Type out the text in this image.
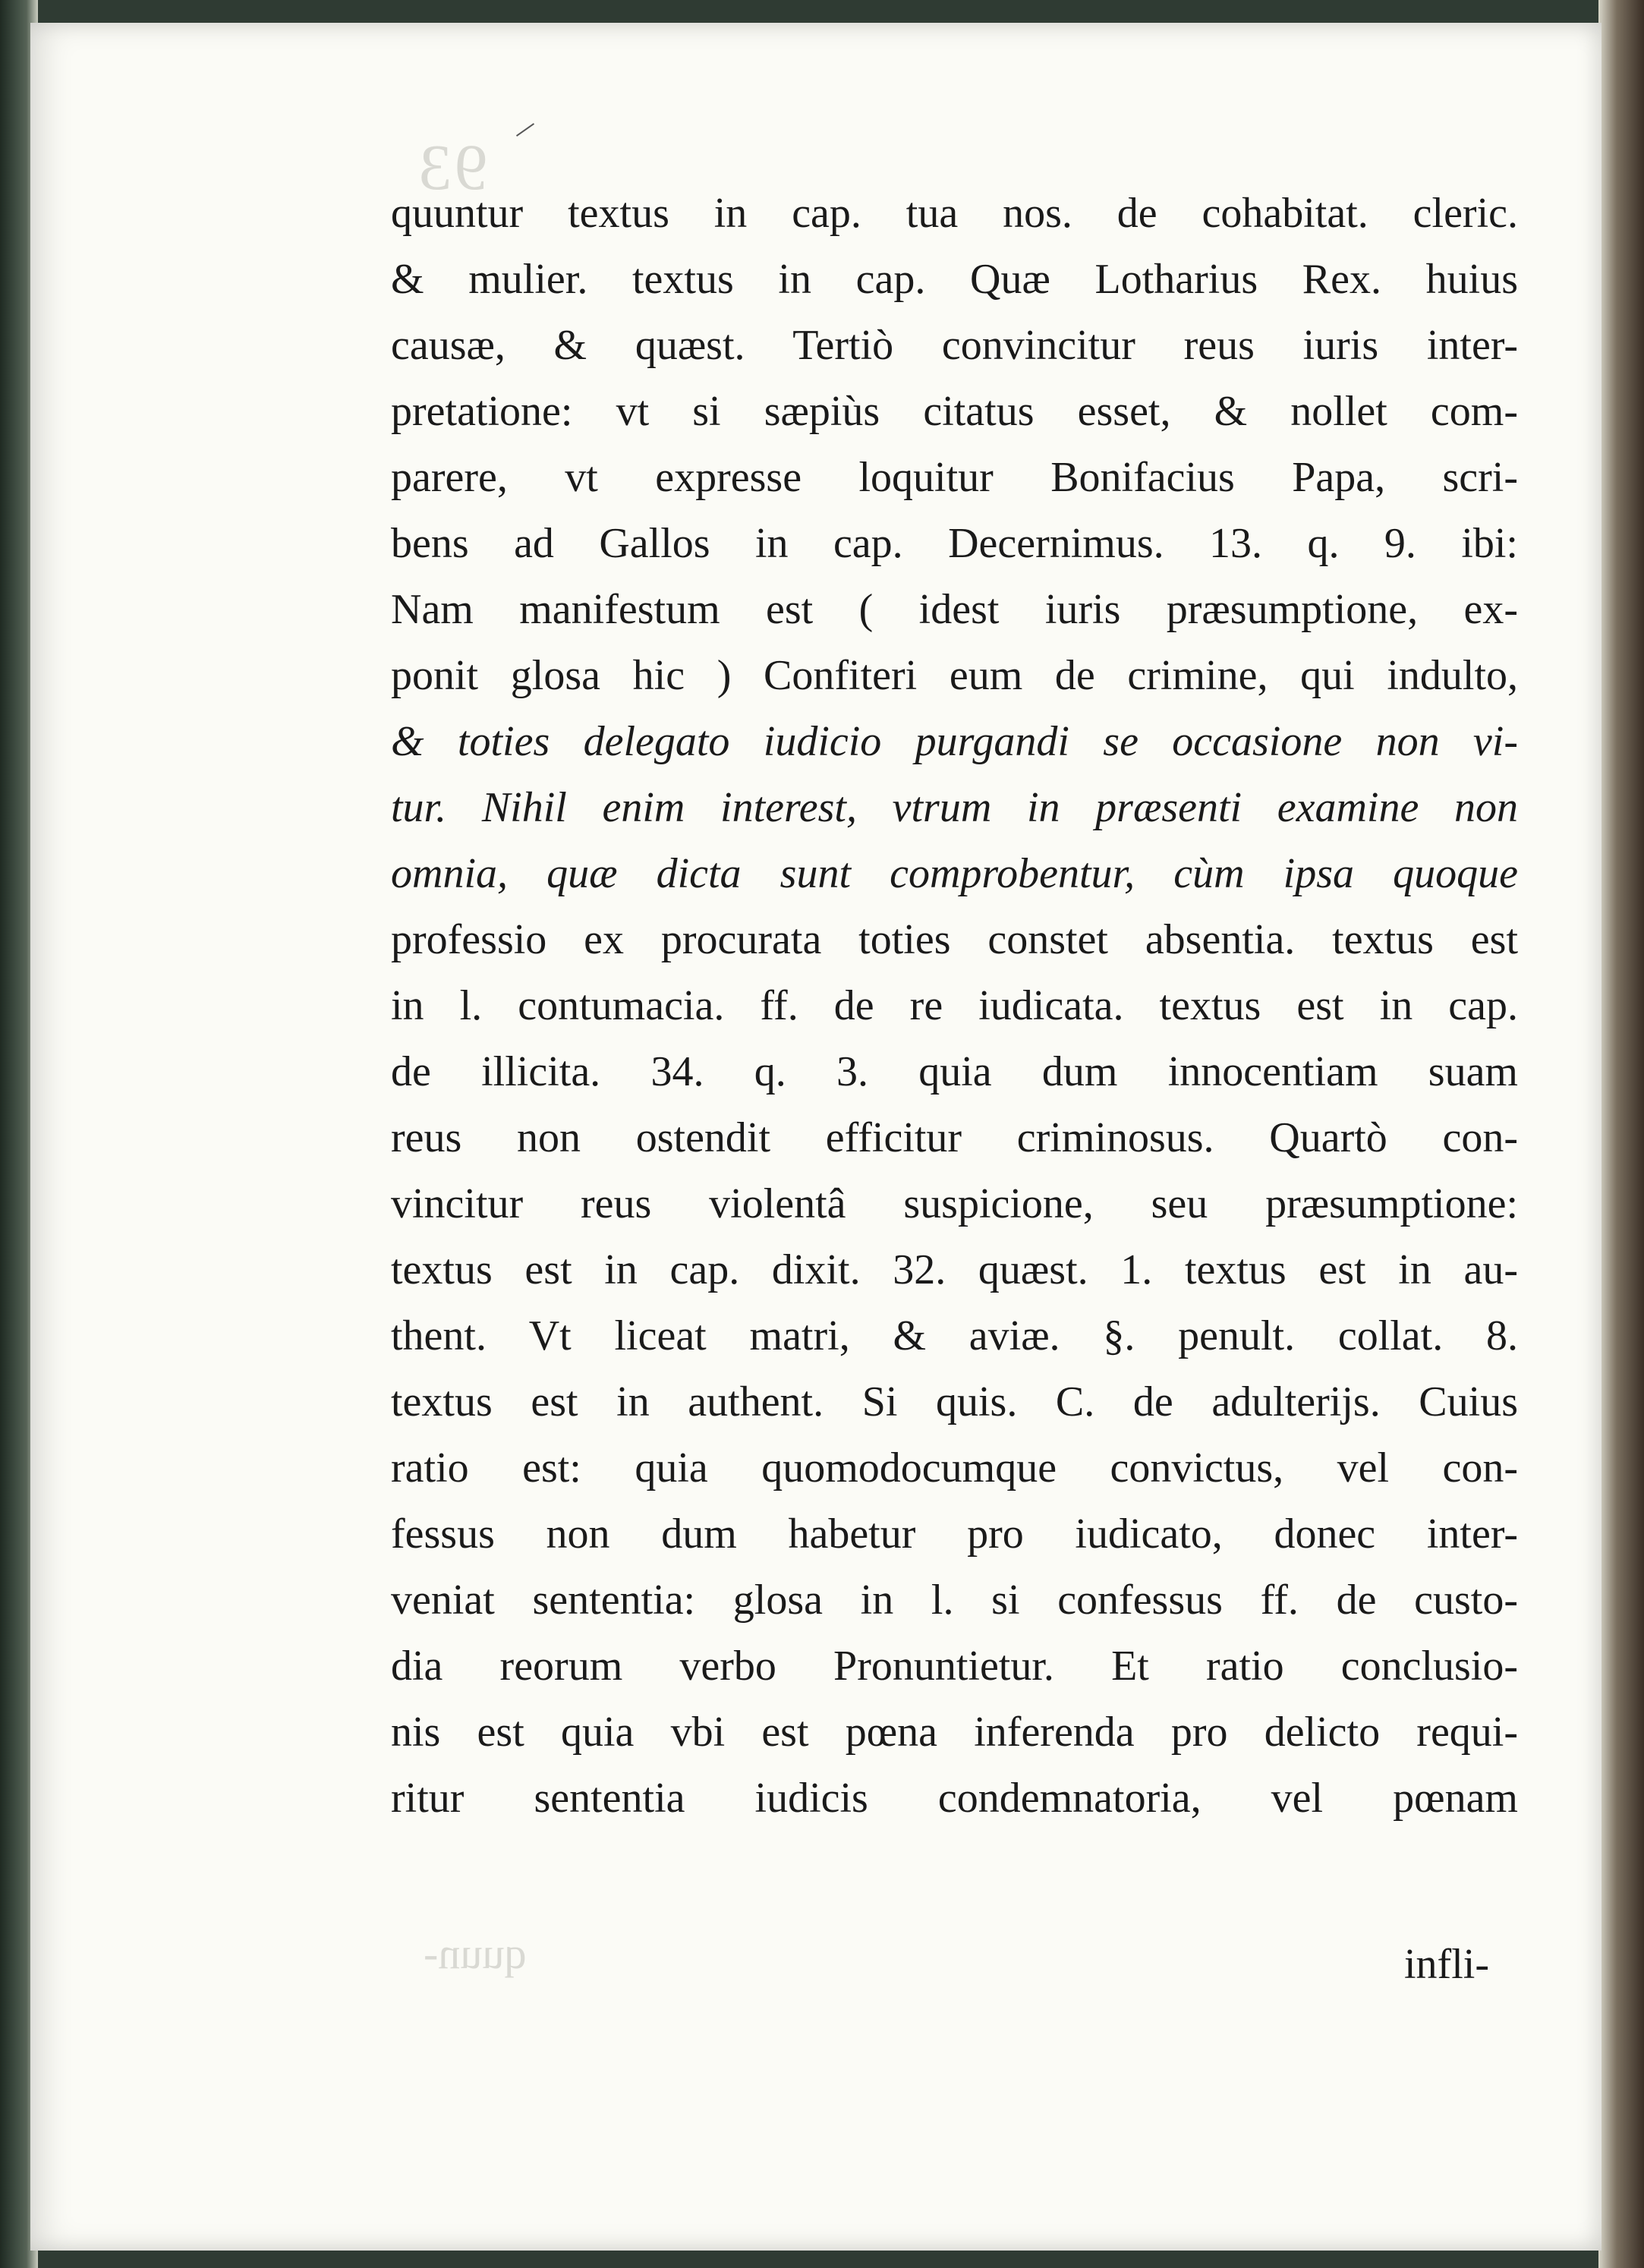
93
quun-
quuntur textus in cap. tua nos. de cohabitat. cleric.
& mulier. textus in cap. Quæ Lotharius Rex. huius
causæ, & quæst. Tertiò convincitur reus iuris inter-
pretatione: vt si sæpiùs citatus esset, & nollet com-
parere, vt expresse loquitur Bonifacius Papa, scri-
bens ad Gallos in cap. Decernimus. 13. q. 9. ibi:
Nam manifestum est ( idest iuris præsumptione, ex-
ponit glosa hic ) Confiteri eum de crimine, qui indulto,
& toties delegato iudicio purgandi se occasione non vi-
tur. Nihil enim interest, vtrum in præsenti examine non
omnia, quæ dicta sunt comprobentur, cùm ipsa quoque
professio ex procurata toties constet absentia. textus est
in l. contumacia. ff. de re iudicata. textus est in cap.
de illicita. 34. q. 3. quia dum innocentiam suam
reus non ostendit efficitur criminosus. Quartò con-
vincitur reus violentâ suspicione, seu præsumptione:
textus est in cap. dixit. 32. quæst. 1. textus est in au-
thent. Vt liceat matri, & aviæ. §. penult. collat. 8.
textus est in authent. Si quis. C. de adulterijs. Cuius
ratio est: quia quomodocumque convictus, vel con-
fessus non dum habetur pro iudicato, donec inter-
veniat sententia: glosa in l. si confessus ff. de custo-
dia reorum verbo Pronuntietur. Et ratio conclusio-
nis est quia vbi est pœna inferenda pro delicto requi-
ritur sententia iudicis condemnatoria, vel pœnam
infli-
